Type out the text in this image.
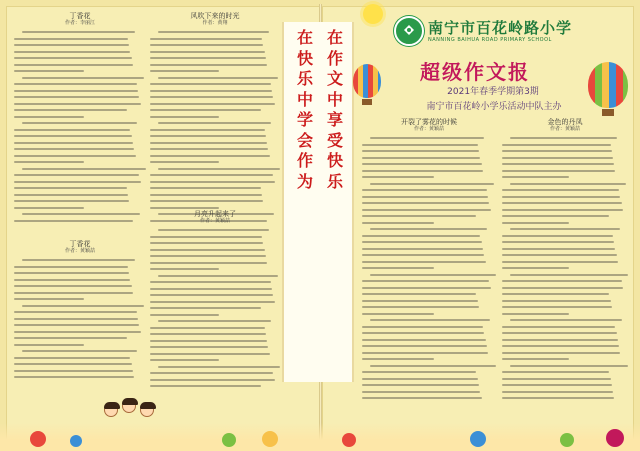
丁香花
作者：李丽江
风吹下来的时光
作者：黄翔
丁香花
作者：黄颖喆
月亮升起来了
作者：黄颖喆
在
快
乐
中
学
会
作
为
在
作
文
中
享
受
快
乐
南宁市百花岭路小学
NANNING BAIHUA ROAD PRIMARY SCHOOL
超级作文报
2021年春季学期第3期
南宁市百花岭小学乐活动中队主办
开裂了雾花的时候
作者：黄颖喆
金色的丹凤
作者：黄颖喆
